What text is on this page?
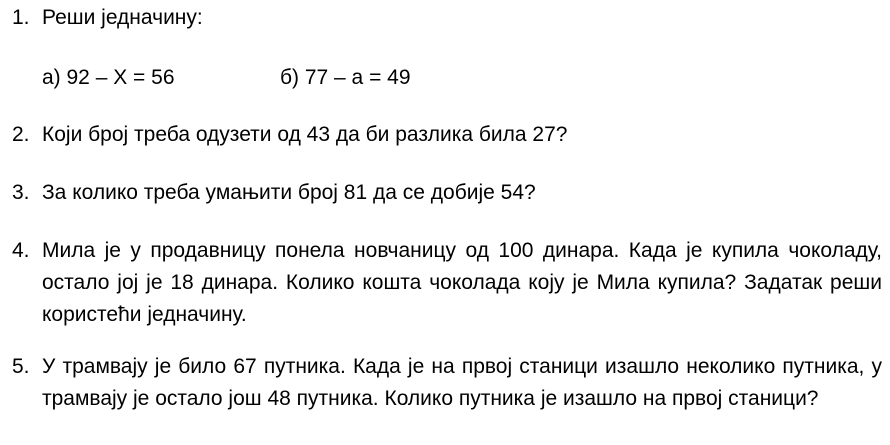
1. Реши једначину:
а) 92 – X = 56	б) 77 – a = 49
2. Који број треба одузети од 43 да би разлика била 27?
3. За колико треба умањити број 81 да се добије 54?
4. Мила је у продавницу понела новчаницу од 100 динара. Када је купила чоколаду, остало јој је 18 динара. Колико кошта чоколада коју је Мила купила? Задатак реши користећи једначину.
5. У трамвају је било 67 путника. Када је на првој станици изашло неколико путника, у трамвају је остало још 48 путника. Колико путника је изашло на првој станици?
